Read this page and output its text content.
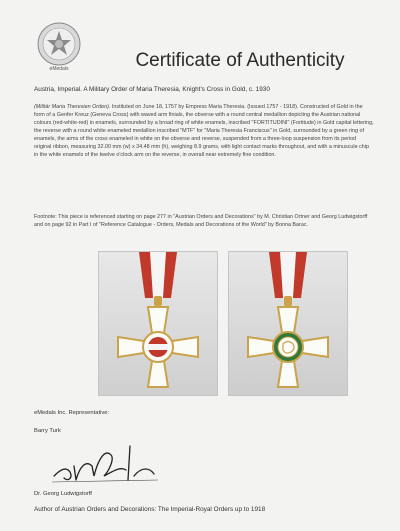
eMedals	Certificate of Authenticity
Austria, Imperial. A Military Order of Maria Theresia, Knight's Cross in Gold, c. 1930
(Militär Maria Theresien Orden). Instituted on June 18, 1757 by Empress Maria Theresia. (Issued 1757 - 1918). Constructed of Gold in the form of a Genfer Kreuz (Geneva Cross) with waved arm finials, the obverse with a round central medallion depicting the Austrian national colours (red-white-red) in enamels, surrounded by a broad ring of white enamels, inscribed "FORTITUDINI" (Fortitude) in Gold capital lettering, the reverse with a round white enameled medallion inscribed "MTF" for "Maria Theresia Franciscus" in Gold, surrounded by a green ring of enamels, the arms of the cross enameled in white on the obverse and reverse, suspended from a three-loop suspension from its period original ribbon, measuring 32.00 mm (w) x 34.48 mm (h), weighing 8.9 grams, with light contact marks throughout, and with a minuscule chip in the white enamels of the twelve o'clock arm on the reverse, in overall near extremely fine condition.
Footnote: This piece is referenced starting on page 277 in "Austrian Orders and Decorations" by M. Christian Ortner and Georg Ludwigstorff and on page 92 in Part I of "Reference Catalogue - Orders, Medals and Decorations of the World" by Bonna Barac.
eMedals Inc. Representative:
Barry Turk
Dr. Georg Ludwigstorff
Author of Austrian Orders and Decorations: The Imperial-Royal Orders up to 1918
